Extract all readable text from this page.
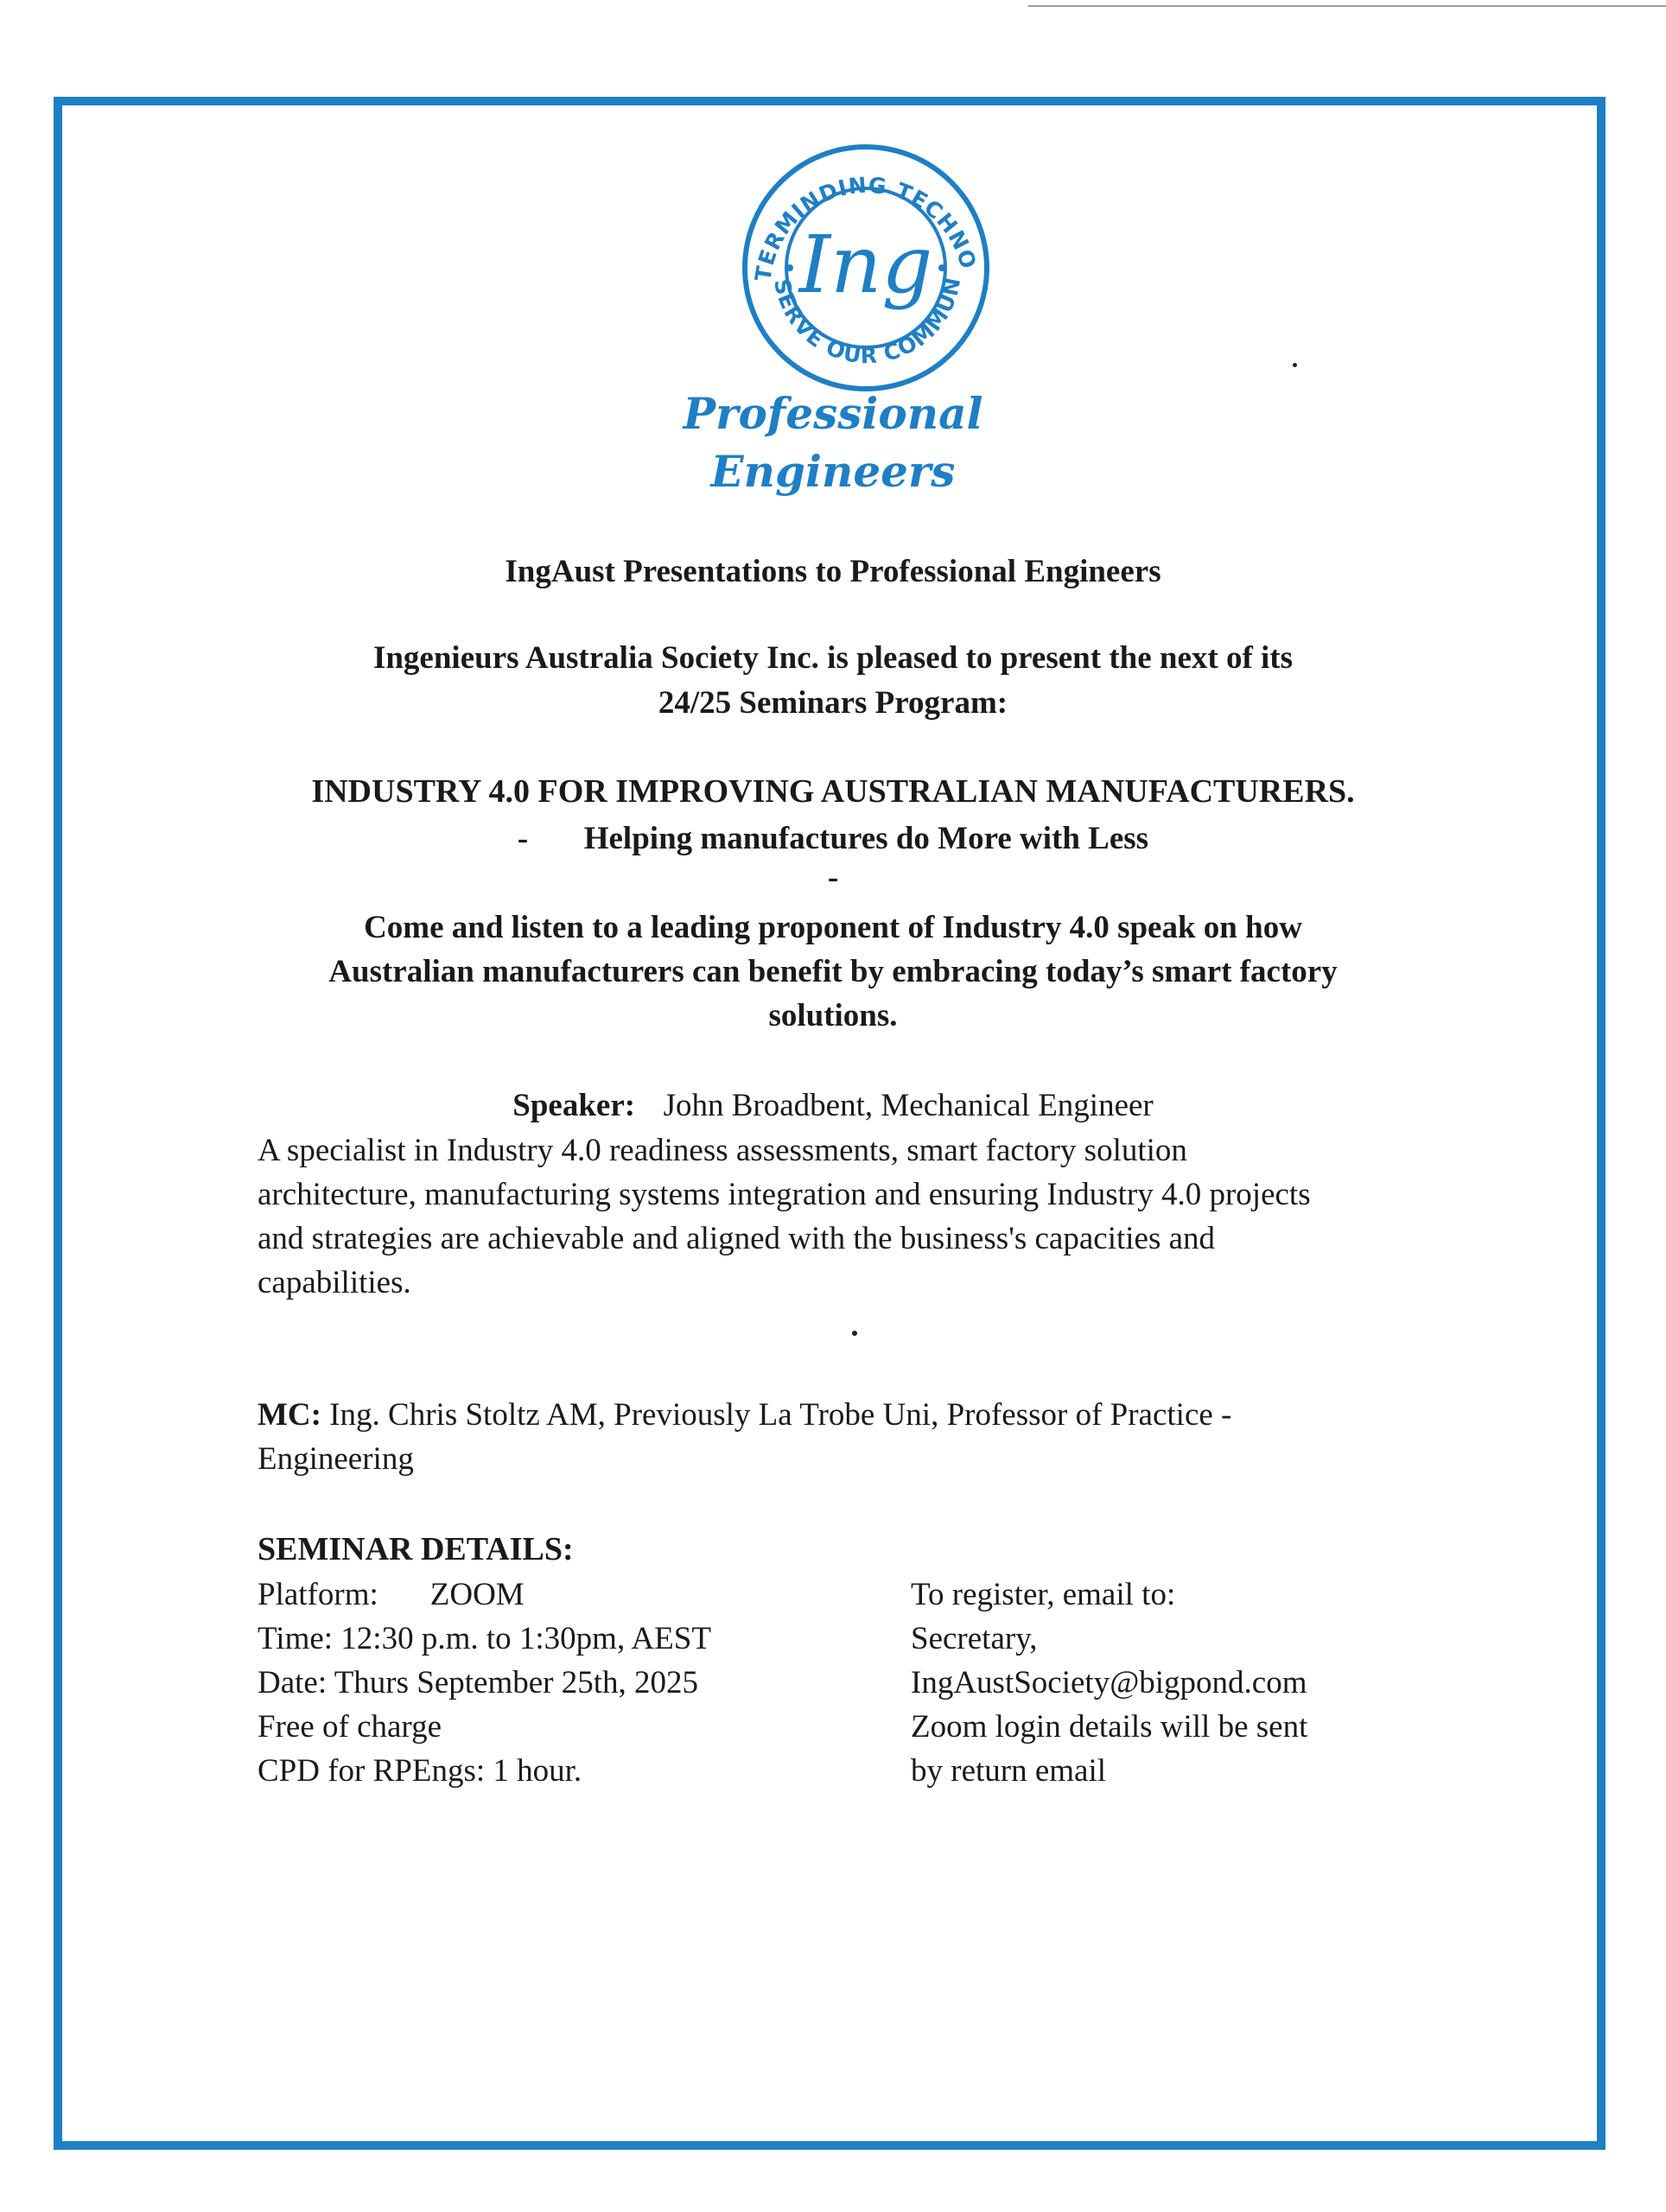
TERMINDING TECHNO
SERVE OUR COMMUN
Ing
Professional
Engineers
IngAust Presentations to Professional Engineers
Ingenieurs Australia Society Inc. is pleased to present the next of its
24/25 Seminars Program:
INDUSTRY 4.0 FOR IMPROVING AUSTRALIAN MANUFACTURERS.
- Helping manufactures do More with Less
-
Come and listen to a leading proponent of Industry 4.0 speak on how
Australian manufacturers can benefit by embracing today’s smart factory
solutions.
Speaker: John Broadbent, Mechanical Engineer
A specialist in Industry 4.0 readiness assessments, smart factory solution
architecture, manufacturing systems integration and ensuring Industry 4.0 projects
and strategies are achievable and aligned with the business's capacities and
capabilities.
MC: Ing. Chris Stoltz AM, Previously La Trobe Uni, Professor of Practice -
Engineering
SEMINAR DETAILS:
Platform: ZOOM
Time: 12:30 p.m. to 1:30pm, AEST
Date: Thurs September 25th, 2025
Free of charge
CPD for RPEngs: 1 hour.
To register, email to:
Secretary,
IngAustSociety@bigpond.com
Zoom login details will be sent
by return email
